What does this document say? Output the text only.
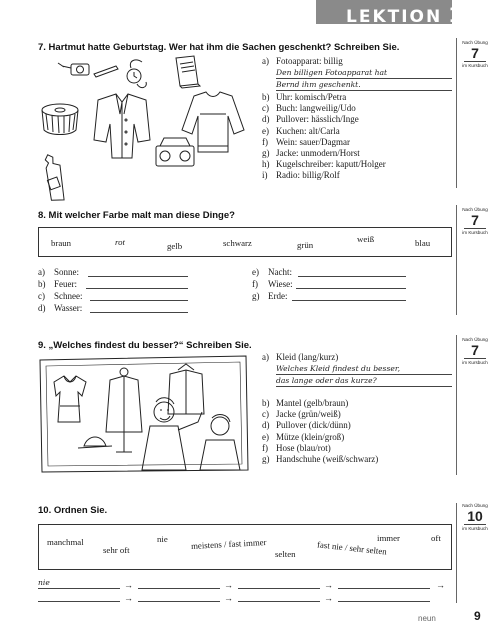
LEKTION 1
7. Hartmut hatte Geburtstag. Wer hat ihm die Sachen geschenkt? Schreiben Sie.	Nach Übung
7
im Kursbuch
a) Fotoapparat: billig
Den billigen Fotoapparat hat
Bernd ihm geschenkt.
b) Uhr: komisch/Petra
c) Buch: langweilig/Udo
d) Pullover: hässlich/Inge
e) Kuchen: alt/Carla
f) Wein: sauer/Dagmar
g) Jacke: unmodern/Horst
h) Kugelschreiber: kaputt/Holger
i) Radio: billig/Rolf
8. Mit welcher Farbe malt man diese Dinge?
Nach Übung
7
im Kursbuch
braun	rot	gelb	schwarz	grün
weiß	blau
a) Sonne:
b) Feuer:
c) Schnee:
d) Wasser:
e) Nacht:
f) Wiese:
g) Erde:
9. „Welches findest du besser?“ Schreiben Sie.
Nach Übung
7
im Kursbuch
a) Kleid (lang/kurz)
Welches Kleid findest du besser,
das lange oder das kurze?
b) Mantel (gelb/braun)
c) Jacke (grün/weiß)
d) Pullover (dick/dünn)
e) Mütze (klein/groß)
f) Hose (blau/rot)
g) Handschuhe (weiß/schwarz)
10. Ordnen Sie.	Nach Übung
10
im Kursbuch
manchmal
sehr oft
nie	meistens / fast immer
selten fast nie / sehr selten
immer	oft
nie	→	→	→	→
→	→	→
neun	9
